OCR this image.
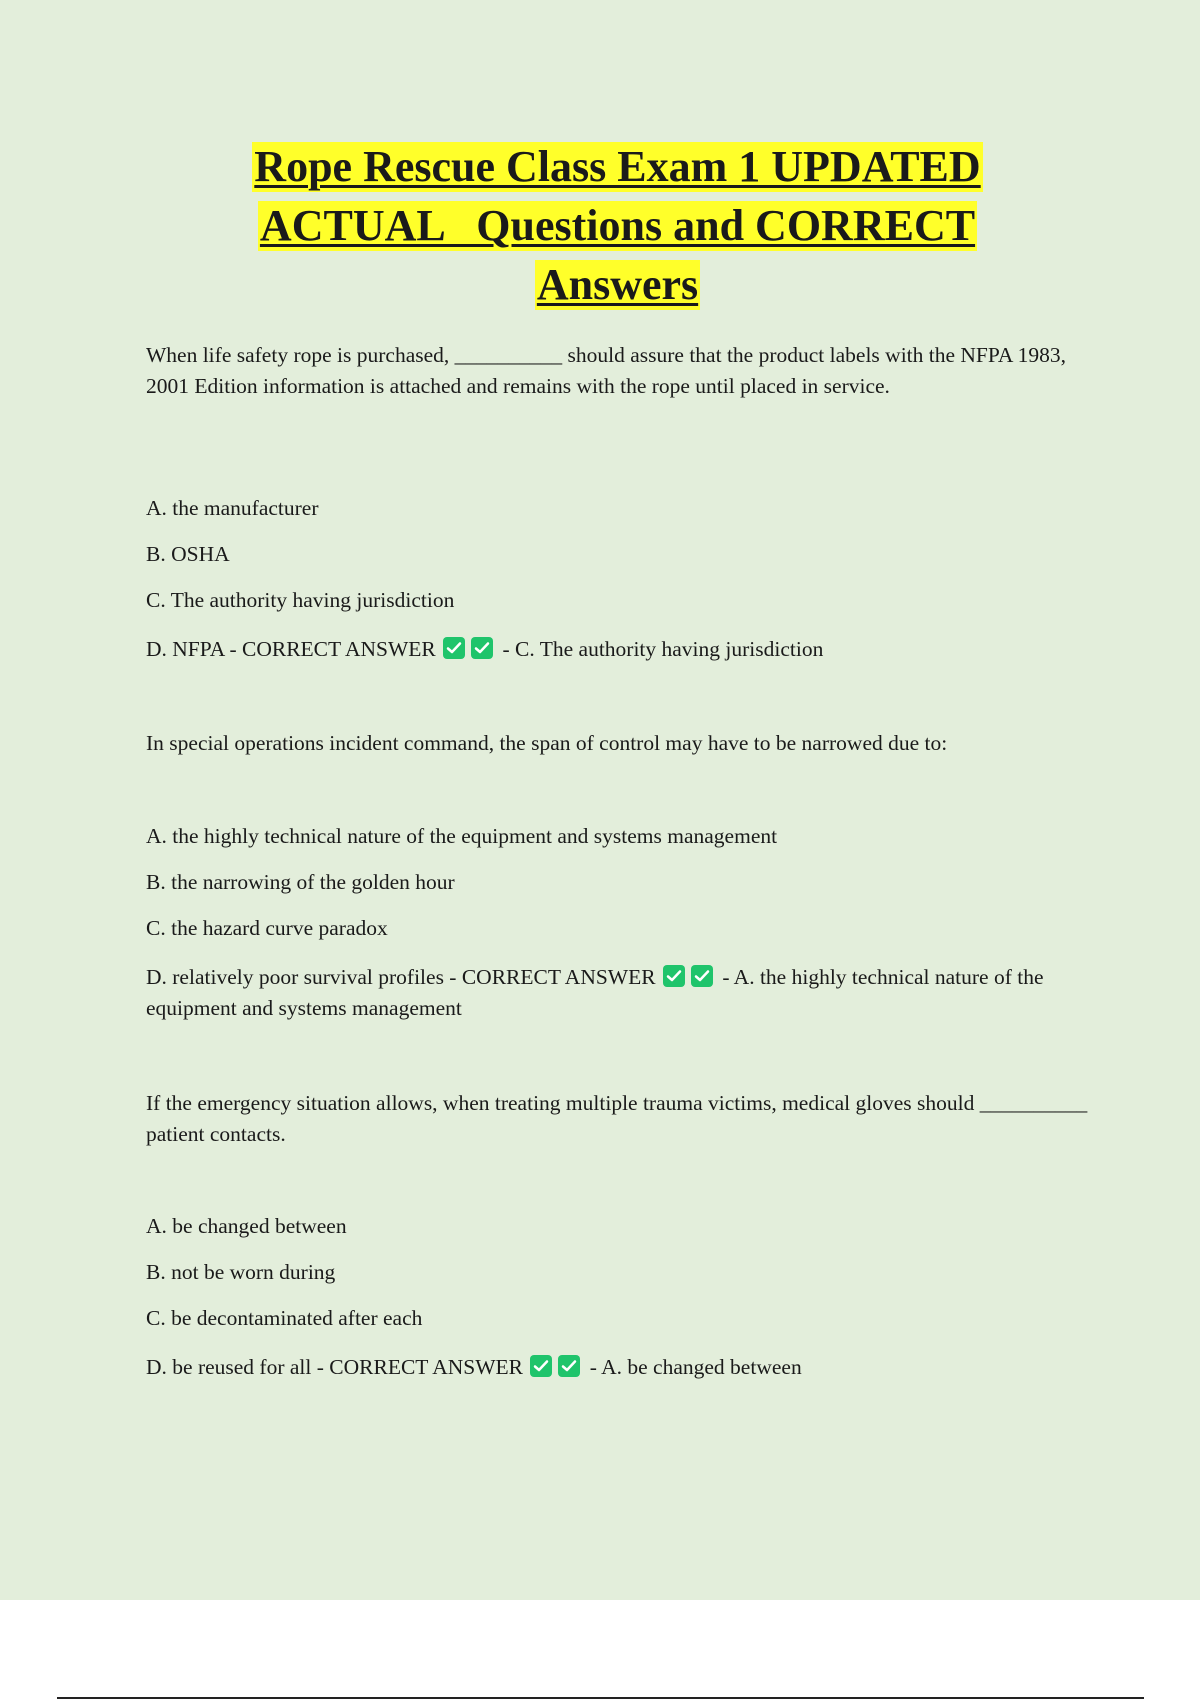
Rope Rescue Class Exam 1 UPDATED
ACTUAL   Questions and CORRECT
Answers

When life safety rope is purchased, __________ should assure that the product labels with the NFPA 1983, 2001 Edition information is attached and remains with the rope until placed in service.

A. the manufacturer

B. OSHA

C. The authority having jurisdiction

D. NFPA - CORRECT ANSWER	- C. The authority having jurisdiction

In special operations incident command, the span of control may have to be narrowed due to:

A. the highly technical nature of the equipment and systems management

B. the narrowing of the golden hour

C. the hazard curve paradox

D. relatively poor survival profiles - CORRECT ANSWER	- A. the highly technical nature of the equipment and systems management

If the emergency situation allows, when treating multiple trauma victims, medical gloves should __________ patient contacts.

A. be changed between

B. not be worn during

C. be decontaminated after each

D. be reused for all - CORRECT ANSWER	- A. be changed between
